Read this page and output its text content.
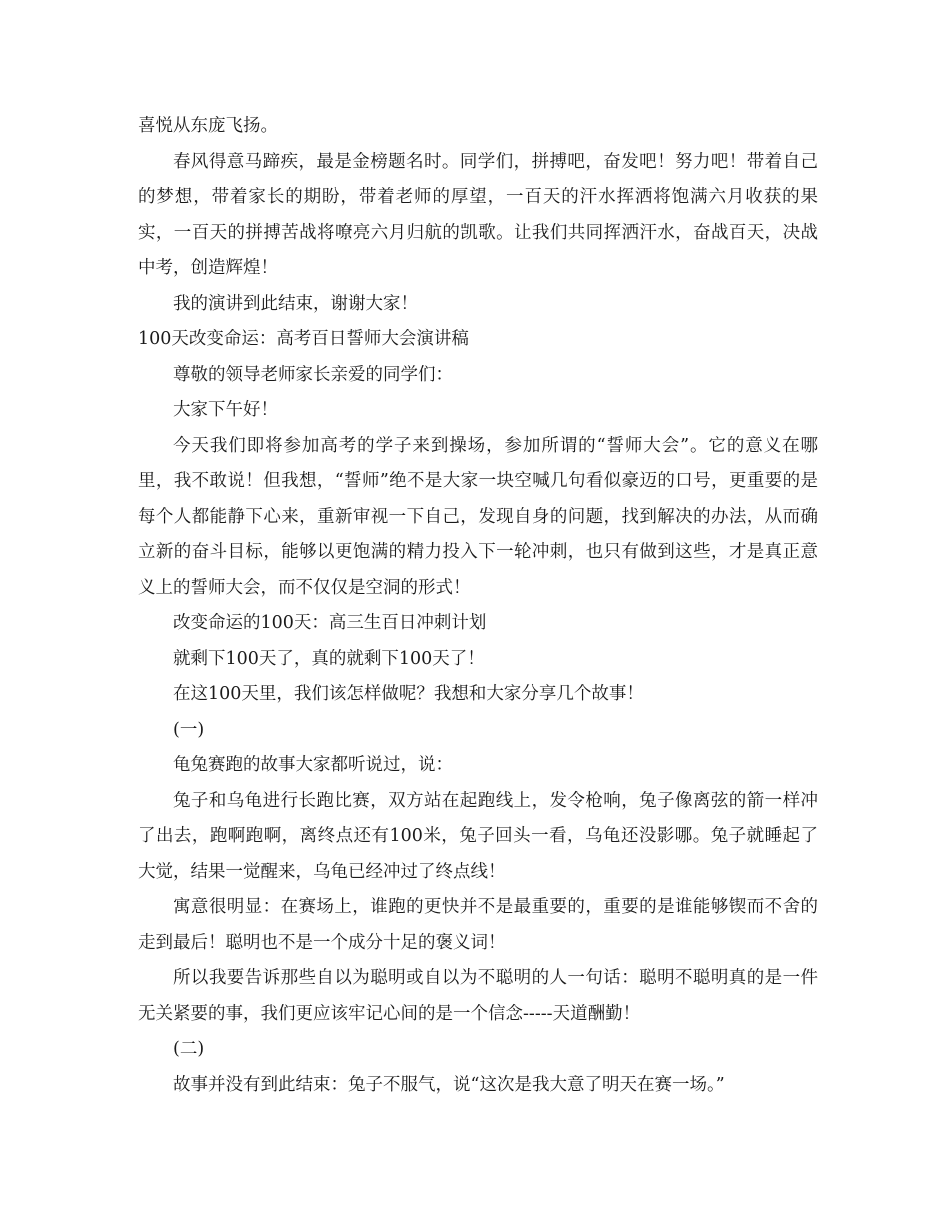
喜悦从东庞飞扬。

春风得意马蹄疾，最是金榜题名时。同学们，拼搏吧，奋发吧！努力吧！带着自己的梦想，带着家长的期盼，带着老师的厚望，一百天的汗水挥洒将饱满六月收获的果实，一百天的拼搏苦战将嘹亮六月归航的凯歌。让我们共同挥洒汗水，奋战百天，决战中考，创造辉煌！

我的演讲到此结束，谢谢大家！

100天改变命运：高考百日誓师大会演讲稿

尊敬的领导老师家长亲爱的同学们：

大家下午好！

今天我们即将参加高考的学子来到操场，参加所谓的“誓师大会”。它的意义在哪里，我不敢说！但我想，“誓师”绝不是大家一块空喊几句看似豪迈的口号，更重要的是每个人都能静下心来，重新审视一下自己，发现自身的问题，找到解决的办法，从而确立新的奋斗目标，能够以更饱满的精力投入下一轮冲刺，也只有做到这些，才是真正意义上的誓师大会，而不仅仅是空洞的形式！

改变命运的100天：高三生百日冲刺计划

就剩下100天了，真的就剩下100天了！

在这100天里，我们该怎样做呢？我想和大家分享几个故事！

(一)

龟兔赛跑的故事大家都听说过，说：

兔子和乌龟进行长跑比赛，双方站在起跑线上，发令枪响，兔子像离弦的箭一样冲了出去，跑啊跑啊，离终点还有100米，兔子回头一看，乌龟还没影哪。兔子就睡起了大觉，结果一觉醒来，乌龟已经冲过了终点线！

寓意很明显：在赛场上，谁跑的更快并不是最重要的，重要的是谁能够锲而不舍的走到最后！聪明也不是一个成分十足的褒义词！

所以我要告诉那些自以为聪明或自以为不聪明的人一句话：聪明不聪明真的是一件无关紧要的事，我们更应该牢记心间的是一个信念-----天道酬勤！

(二)

故事并没有到此结束：兔子不服气，说“这次是我大意了明天在赛一场。”
